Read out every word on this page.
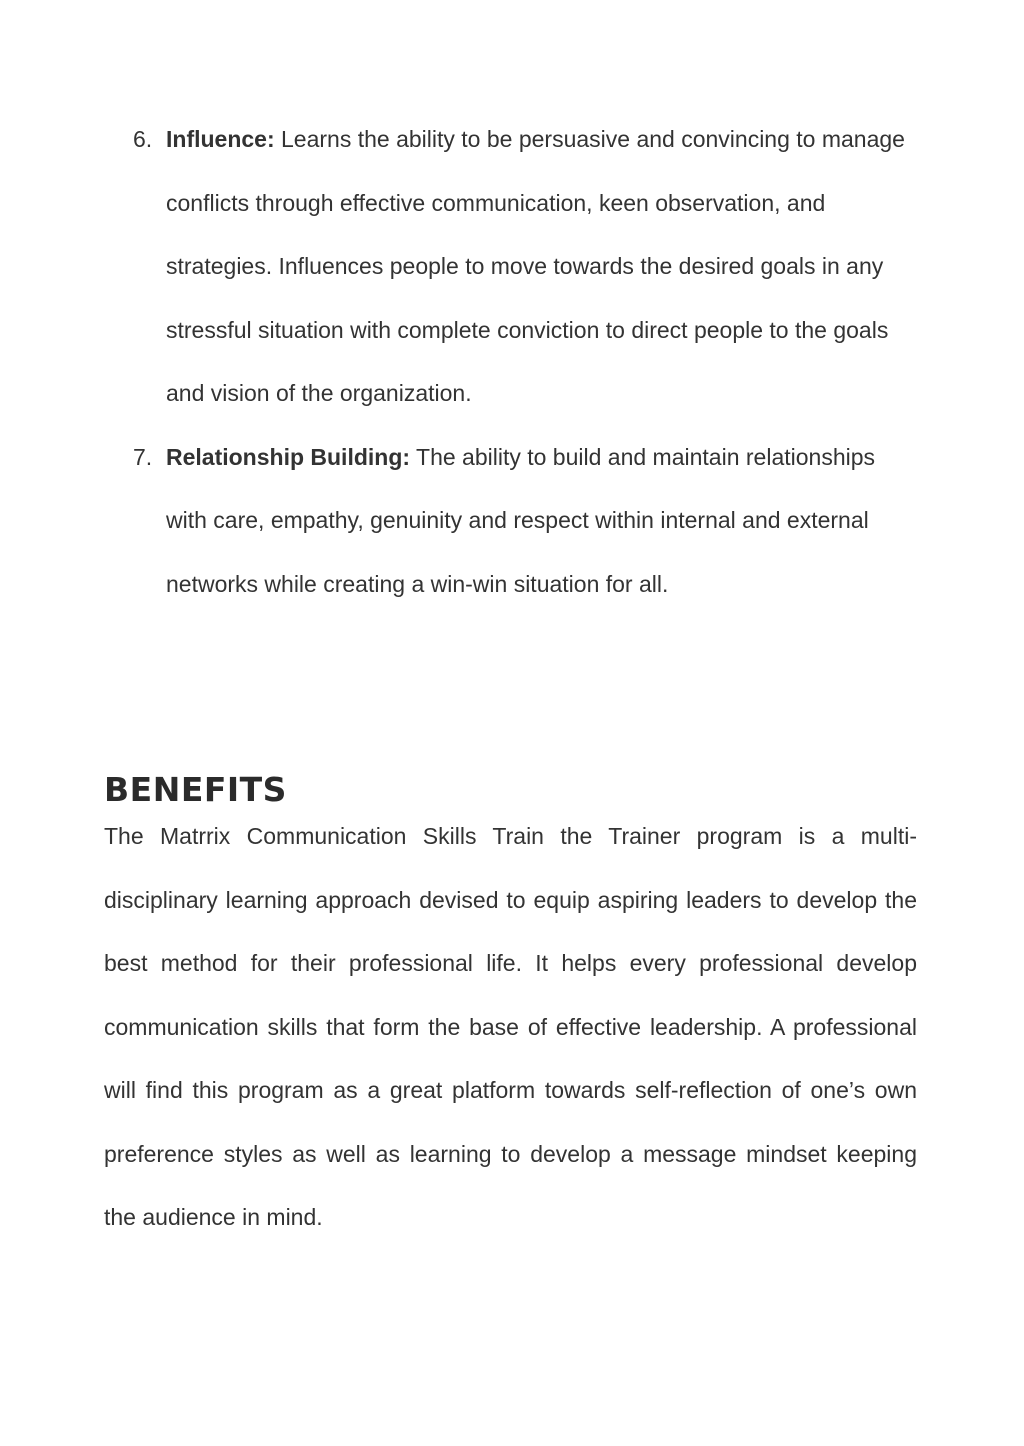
6. Influence: Learns the ability to be persuasive and convincing to manage conflicts through effective communication, keen observation, and strategies. Influences people to move towards the desired goals in any stressful situation with complete conviction to direct people to the goals and vision of the organization.
7. Relationship Building: The ability to build and maintain relationships with care, empathy, genuinity and respect within internal and external networks while creating a win-win situation for all.
BENEFITS

The Matrrix Communication Skills Train the Trainer program is a multi-disciplinary learning approach devised to equip aspiring leaders to develop the best method for their professional life. It helps every professional develop communication skills that form the base of effective leadership. A professional will find this program as a great platform towards self-reflection of one’s own preference styles as well as learning to develop a message mindset keeping the audience in mind.
